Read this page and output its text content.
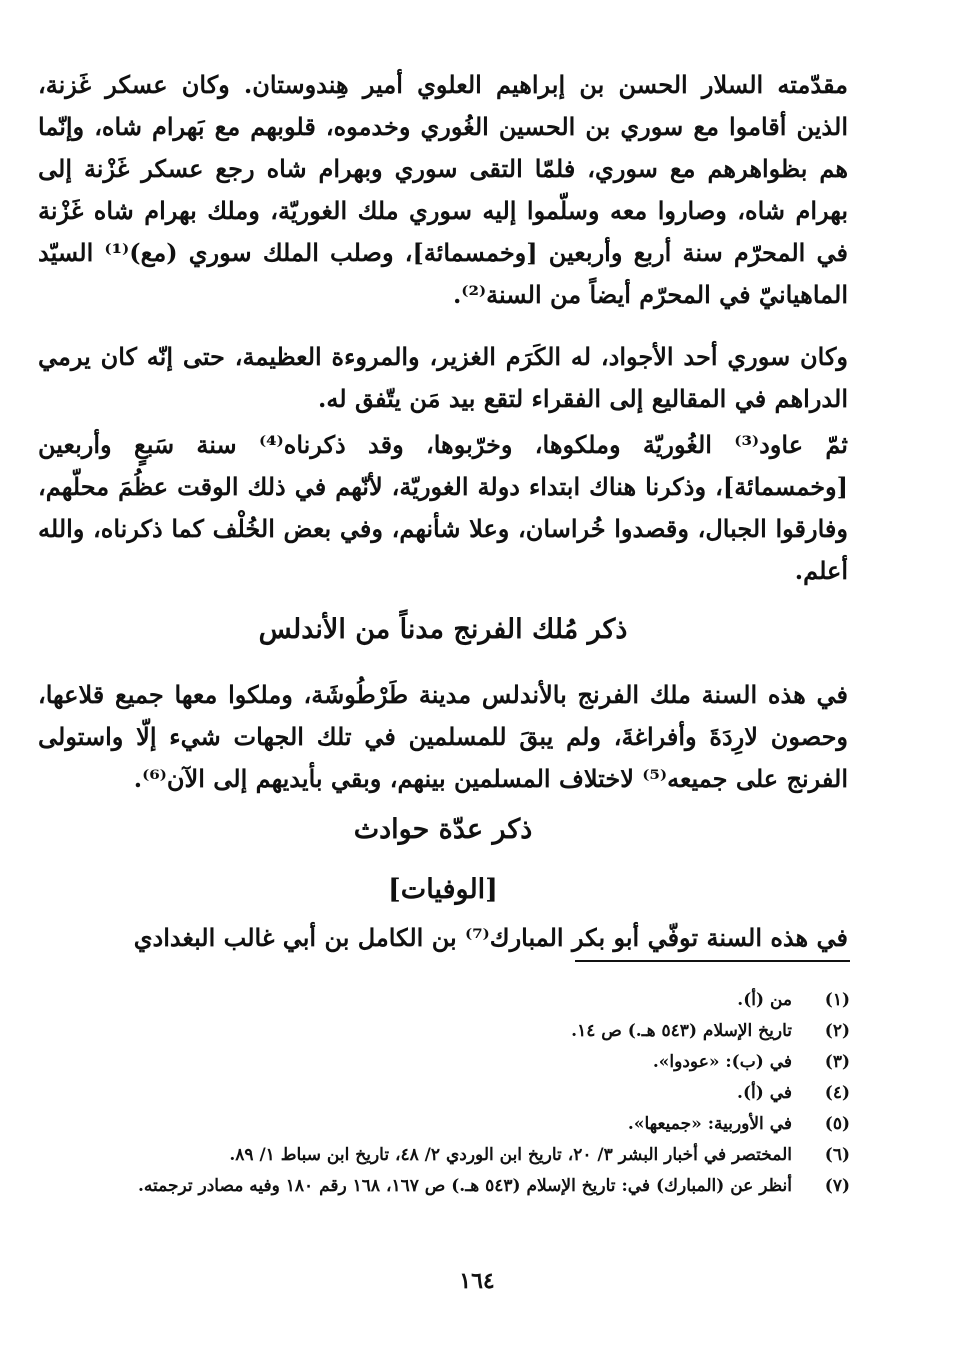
مقدّمته السلار الحسن بن إبراهيم العلوي أمير هِندوستان. وكان عسكر غَزنة، الذين أقاموا مع سوري بن الحسين الغُوري وخدموه، قلوبهم مع بَهرام شاه، وإنّما هم بظواهرهم مع سوري، فلمّا التقى سوري وبهرام شاه رجع عسكر غَزْنة إلى بهرام شاه، وصاروا معه وسلّموا إليه سوري ملك الغوريّة، وملك بهرام شاه غَزْنة في المحرّم سنة أربع وأربعين [وخمسمائة]، وصلب الملك سوري (مع)⁽¹⁾ السيّد الماهيانيّ في المحرّم أيضاً من السنة⁽²⁾.

وكان سوري أحد الأجواد، له الكَرَم الغزير، والمروءة العظيمة، حتى إنّه كان يرمي الدراهم في المقاليع إلى الفقراء لتقع بيد مَن يتّفق له.

ثمّ عاود⁽³⁾ الغُوريّة وملكوها، وخرّبوها، وقد ذكرناه⁽⁴⁾ سنة سَبعٍ وأربعين [وخمسمائة]، وذكرنا هناك ابتداء دولة الغوريّة، لأنّهم في ذلك الوقت عظُمَ محلّهم، وفارقوا الجبال، وقصدوا خُراسان، وعلا شأنهم، وفي بعض الخُلْف كما ذكرناه، والله أعلم.

ذكر مُلك الفرنج مدناً من الأندلس

في هذه السنة ملك الفرنج بالأندلس مدينة طَرْطُوشَة، وملكوا معها جميع قلاعها، وحصون لارِدَةَ وأفراغةَ، ولم يبقَ للمسلمين في تلك الجهات شيء إلّا واستولى الفرنج على جميعه⁽⁵⁾ لاختلاف المسلمين بينهم، وبقي بأيديهم إلى الآن⁽⁶⁾.

ذكر عدّة حوادث
[الوفيات]

في هذه السنة توفّي أبو بكر المبارك⁽⁷⁾ بن الكامل بن أبي غالب البغدادي

(١)
من (أ).
(٢)
تاريخ الإسلام (٥٤٣ هـ.) ص ١٤.
(٣)
في (ب): «عودوا».
(٤)
في (أ).
(٥)
في الأوربية: «جميعها».
(٦)
المختصر في أخبار البشر ٣/ ٢٠، تاريخ ابن الوردي ٢/ ٤٨، تاريخ ابن سباط ١/ ٨٩.
(٧)
أنظر عن (المبارك) في: تاريخ الإسلام (٥٤٣ هـ.) ص ١٦٧، ١٦٨ رقم ١٨٠ وفيه مصادر ترجمته.
١٦٤
